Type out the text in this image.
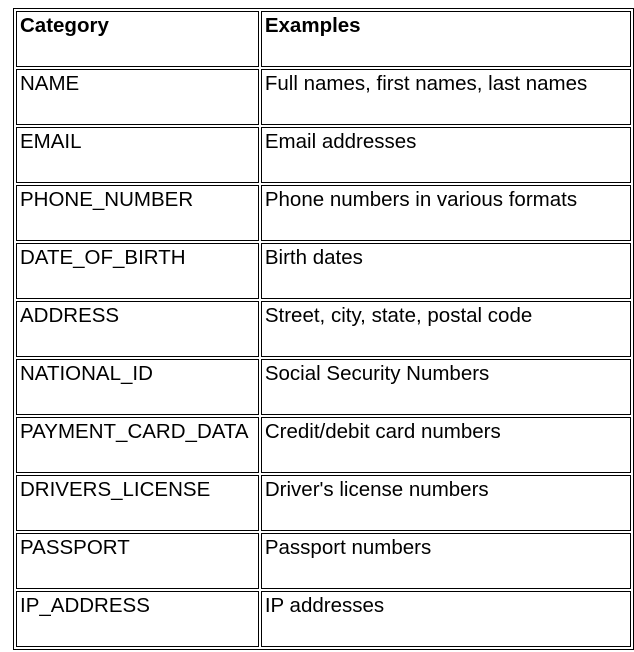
Category	Examples
NAME	Full names, first names, last names
EMAIL	Email addresses
PHONE_NUMBER	Phone numbers in various formats
DATE_OF_BIRTH	Birth dates
ADDRESS	Street, city, state, postal code
NATIONAL_ID	Social Security Numbers
PAYMENT_CARD_DATA	Credit/debit card numbers
DRIVERS_LICENSE	Driver's license numbers
PASSPORT	Passport numbers
IP_ADDRESS	IP addresses
